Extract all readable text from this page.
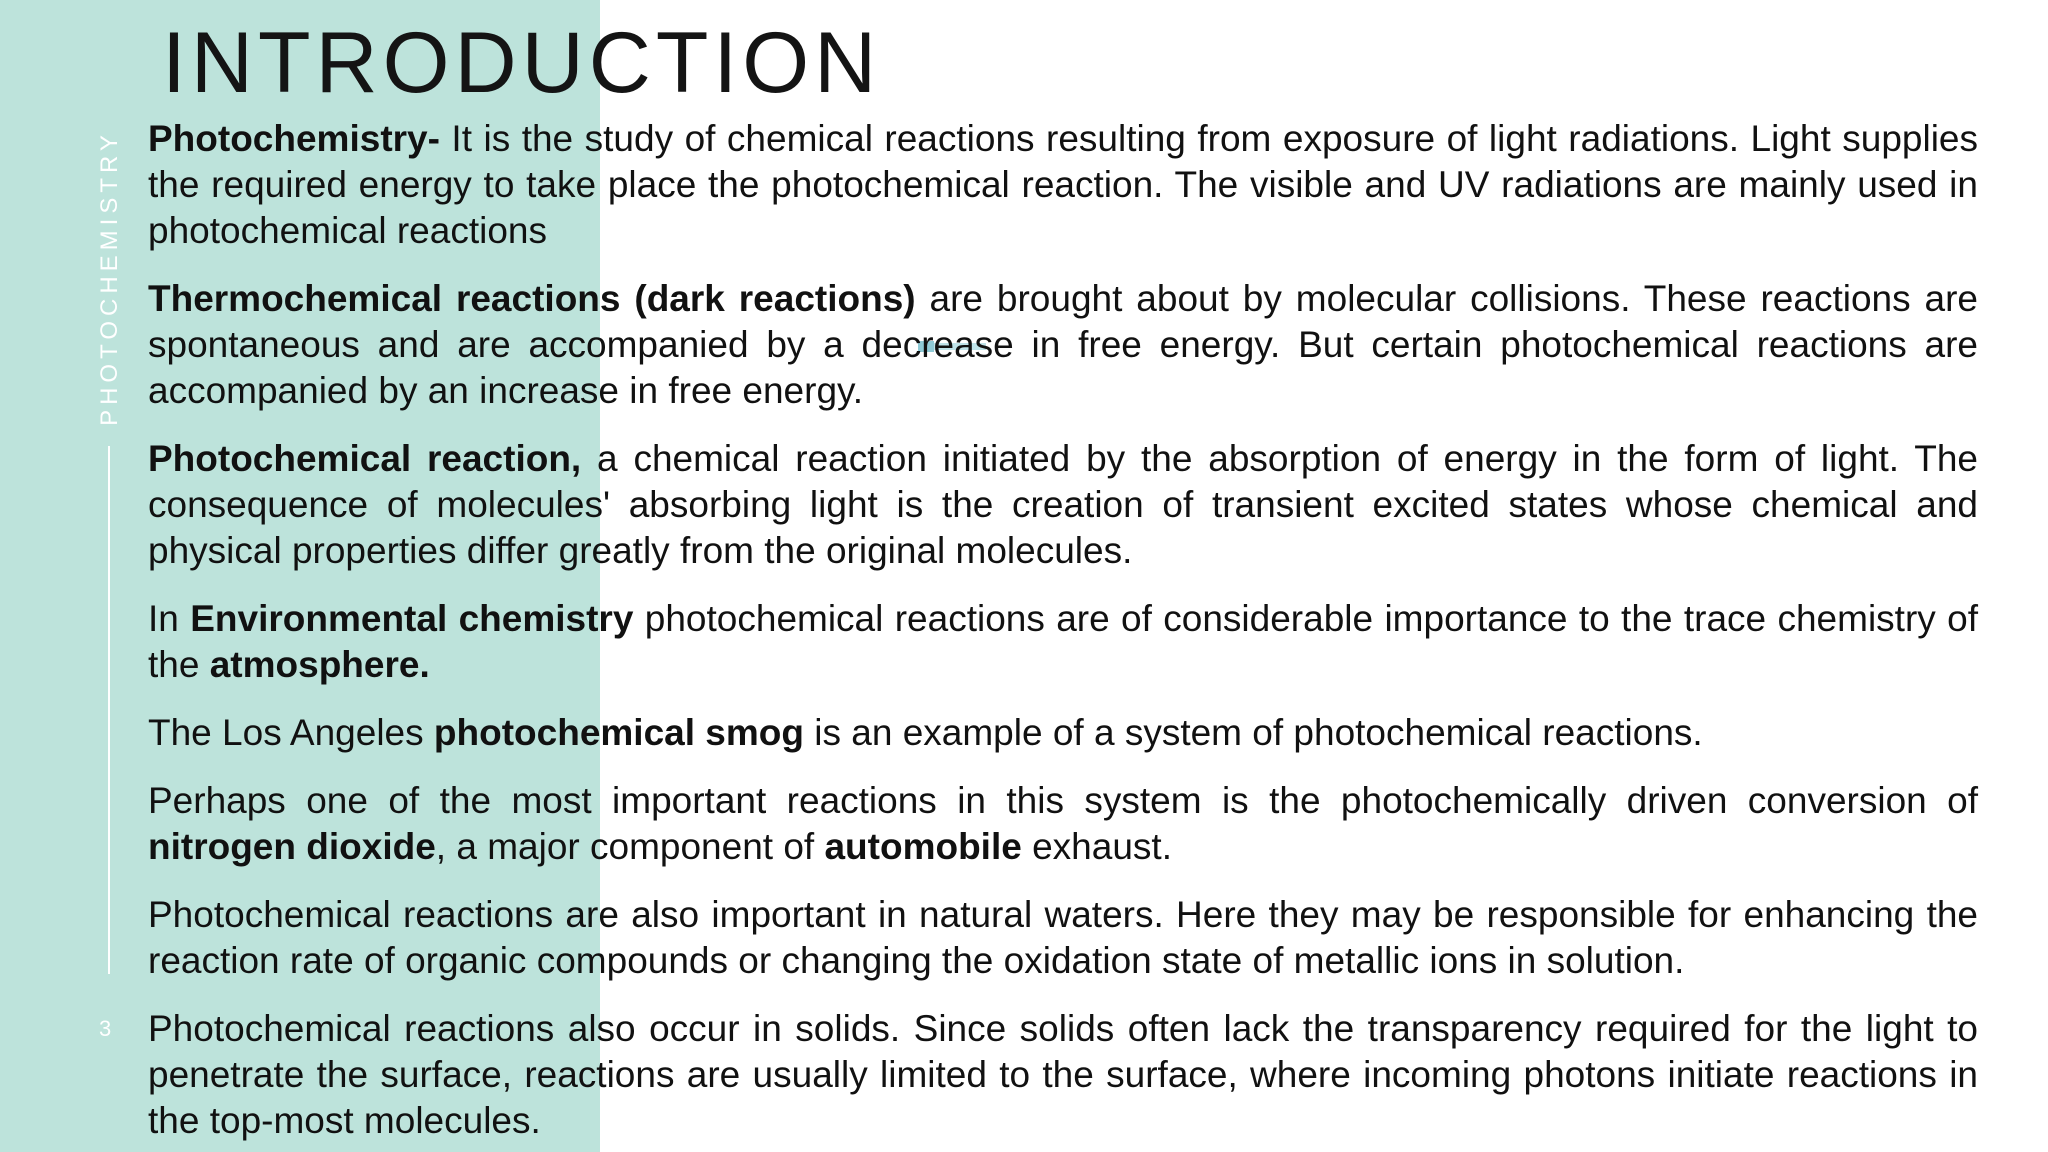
PHOTOCHEMISTRY
3
INTRODUCTION

Photochemistry- It is the study of chemical reactions resulting from exposure of light radiations. Light supplies the required energy to take place the photochemical reaction. The visible and UV radiations are mainly used in photochemical reactions

Thermochemical reactions (dark reactions) are brought about by molecular collisions. These reactions are spontaneous and are accompanied by a decrease in free energy. But certain photochemical reactions are accompanied by an increase in free energy.

Photochemical reaction, a chemical reaction initiated by the absorption of energy in the form of light. The consequence of molecules' absorbing light is the creation of transient excited states whose chemical and physical properties differ greatly from the original molecules.

In Environmental chemistry photochemical reactions are of considerable importance to the trace chemistry of the atmosphere.

The Los Angeles photochemical smog is an example of a system of photochemical reactions.

Perhaps one of the most important reactions in this system is the photochemically driven conversion of nitrogen dioxide, a major component of automobile exhaust.

Photochemical reactions are also important in natural waters. Here they may be responsible for enhancing the reaction rate of organic compounds or changing the oxidation state of metallic ions in solution.

Photochemical reactions also occur in solids. Since solids often lack the transparency required for the light to penetrate the surface, reactions are usually limited to the surface, where incoming photons initiate reactions in the top-most molecules.
